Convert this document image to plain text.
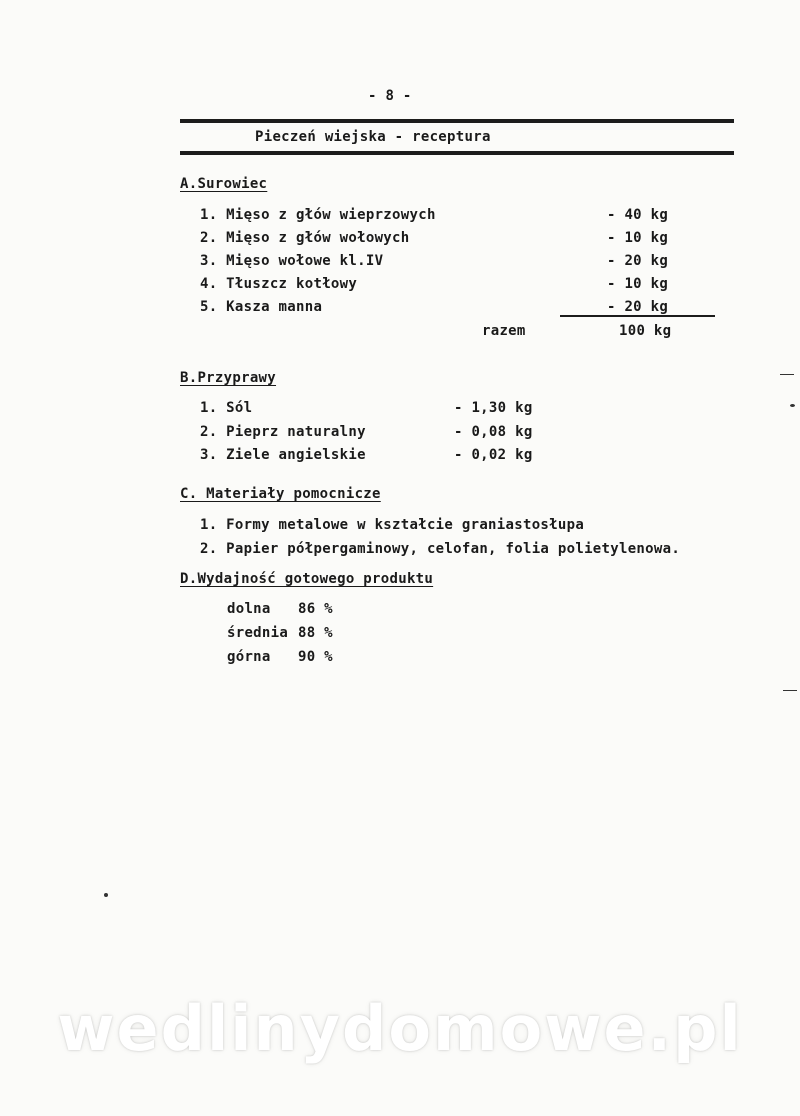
- 8 -
Pieczeń wiejska - receptura
A.Surowiec
1. Mięso z głów wieprzowych	- 40 kg
2. Mięso z głów wołowych	- 10 kg
3. Mięso wołowe kl.IV	- 20 kg
4. Tłuszcz kotłowy	- 10 kg
5. Kasza manna	- 20 kg
razem	100 kg
B.Przyprawy
1. Sól	- 1,30 kg
2. Pieprz naturalny	- 0,08 kg
3. Ziele angielskie	- 0,02 kg
C. Materiały pomocnicze
1. Formy metalowe w kształcie graniastosłupa
2. Papier półpergaminowy, celofan, folia polietylenowa.
D.Wydajność gotowego produktu
dolna 86 %
średnia 88 %
górna 90 %
wedlinydomowe.pl
